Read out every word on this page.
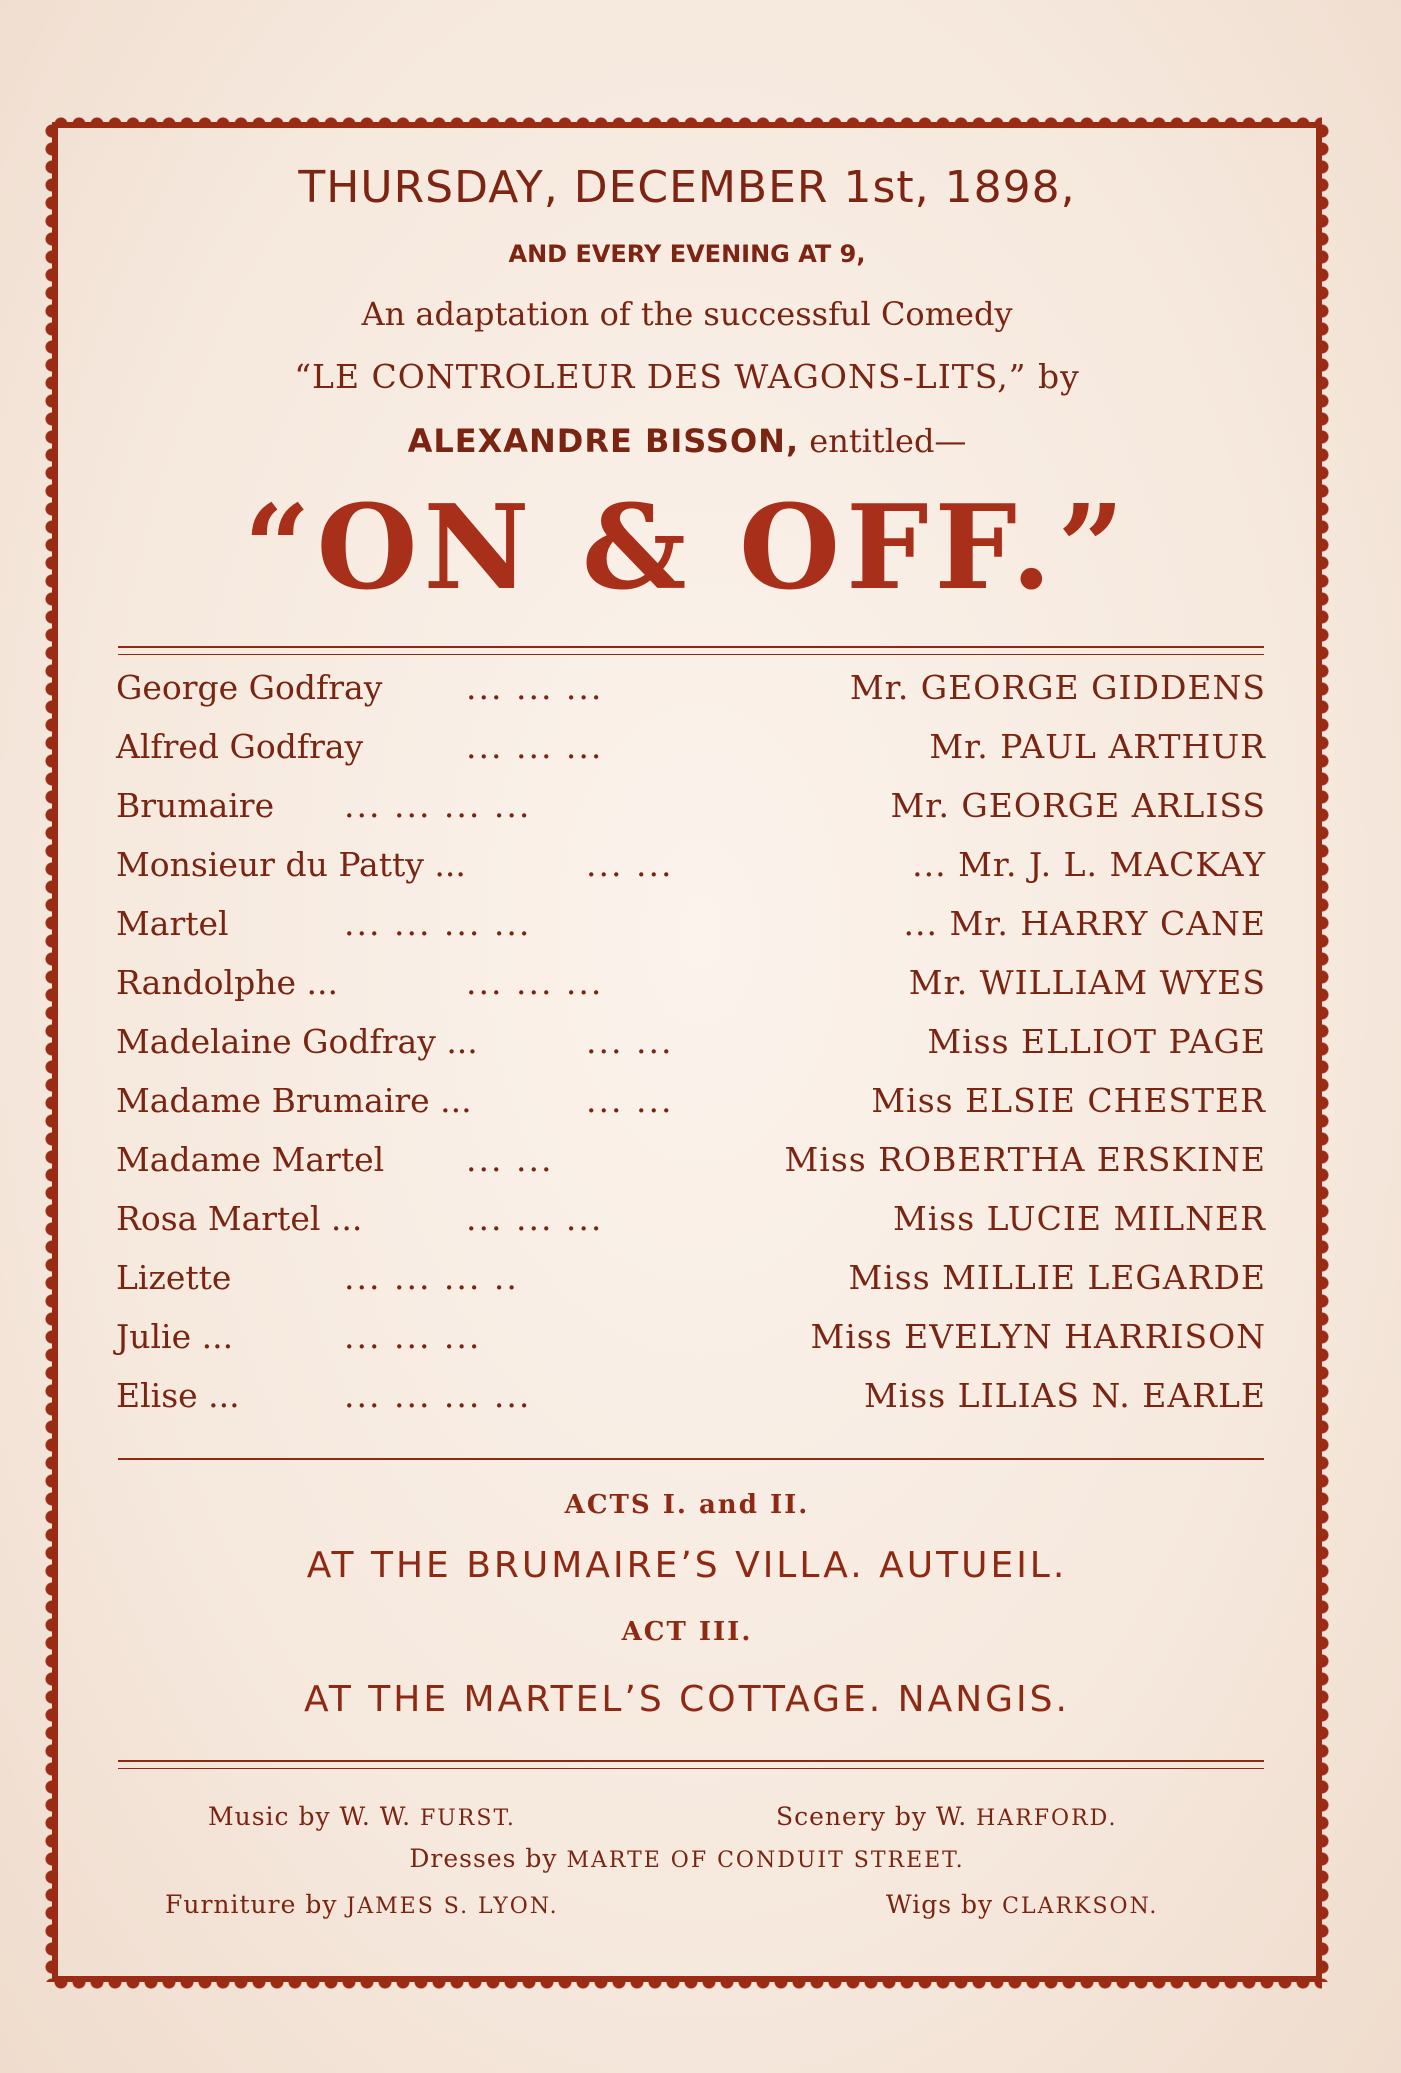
THURSDAY, DECEMBER 1st, 1898,
AND EVERY EVENING AT 9,
An adaptation of the successful Comedy
“LE CONTROLEUR DES WAGONS-LITS,” by
ALEXANDRE BISSON, entitled—
“ON & OFF.”
George Godfray	... ... ...	Mr. GEORGE GIDDENS
Alfred Godfray	... ... ...	Mr. PAUL ARTHUR
Brumaire ... ... ... ...	Mr. GEORGE ARLISS
Monsieur du Patty ...	... ...	... Mr. J. L. MACKAY
Martel	... ... ... ...	... Mr. HARRY CANE
Randolphe ...	... ... ...	Mr. WILLIAM WYES
Madelaine Godfray ...	... ...	Miss ELLIOT PAGE
Madame Brumaire ...	... ...	Miss ELSIE CHESTER
Madame Martel ... ...	Miss ROBERTHA ERSKINE
Rosa Martel ...	... ... ...	Miss LUCIE MILNER
Lizette	... ... ... ..	Miss MILLIE LEGARDE
Julie ...	... ... ...	Miss EVELYN HARRISON
Elise ...	... ... ... ...	Miss LILIAS N. EARLE
ACTS I. and II.
AT THE BRUMAIRE’S VILLA. AUTUEIL.
ACT III.
AT THE MARTEL’S COTTAGE. NANGIS.
Music by W. W. FURST.	Scenery by W. HARFORD.
Dresses by MARTE OF CONDUIT STREET.
Furniture by JAMES S. LYON.	Wigs by CLARKSON.
